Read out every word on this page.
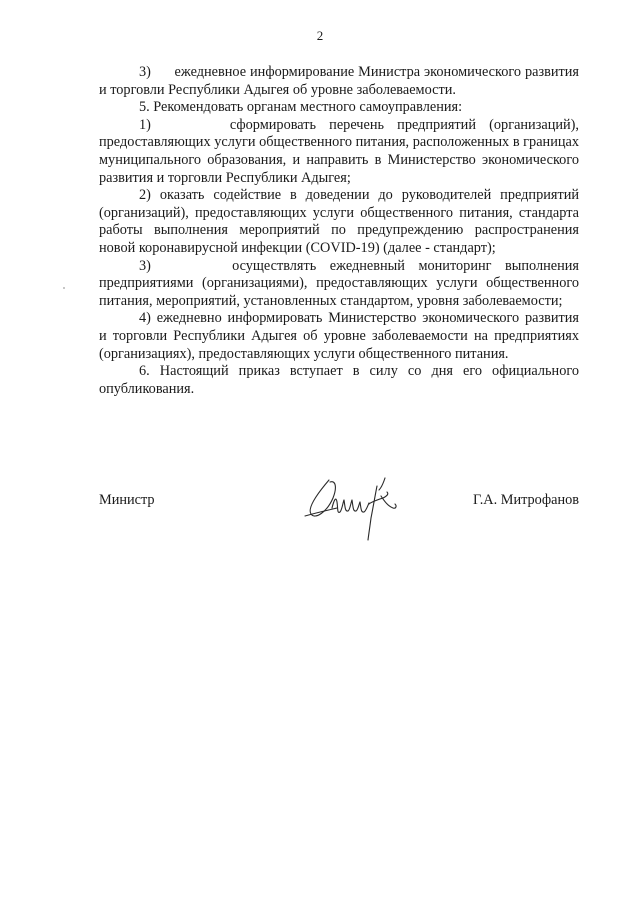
2

3)      ежедневное информирование Министра экономического развития и торговли Республики Адыгея об уровне заболеваемости.

5. Рекомендовать органам местного самоуправления:

1)      сформировать перечень предприятий (организаций), предоставляющих услуги общественного питания, расположенных в границах муниципального образования, и направить в Министерство экономического развития и торговли Республики Адыгея;

2) оказать содействие в доведении до руководителей предприятий (организаций), предоставляющих услуги общественного питания, стандарта работы выполнения мероприятий по предупреждению распространения новой коронавирусной инфекции (COVID-19) (далее - стандарт);

3)      осуществлять ежедневный мониторинг выполнения предприятиями (организациями), предоставляющих услуги общественного питания, мероприятий, установленных стандартом, уровня заболеваемости;

4) ежедневно информировать Министерство экономического развития и торговли Республики Адыгея об уровне заболеваемости на предприятиях (организациях), предоставляющих услуги общественного питания.

6. Настоящий приказ вступает в силу со дня его официального опубликования.

Министр	Г.А. Митрофанов
